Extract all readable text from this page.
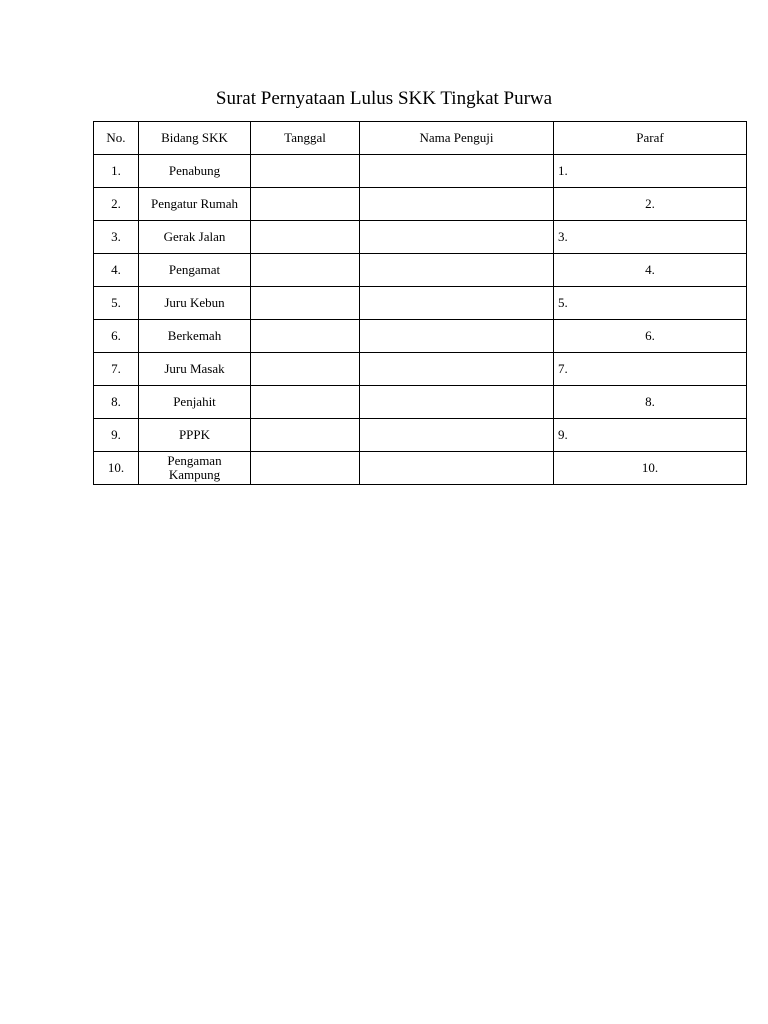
Surat Pernyataan Lulus SKK Tingkat Purwa
No.	Bidang SKK	Tanggal	Nama Penguji	Paraf
1.	Penabung			1.
2.	Pengatur Rumah			2.
3.	Gerak Jalan			3.
4.	Pengamat			4.
5.	Juru Kebun			5.
6.	Berkemah			6.
7.	Juru Masak			7.
8.	Penjahit			8.
9.	PPPK			9.
10.	Pengaman Kampung			10.
